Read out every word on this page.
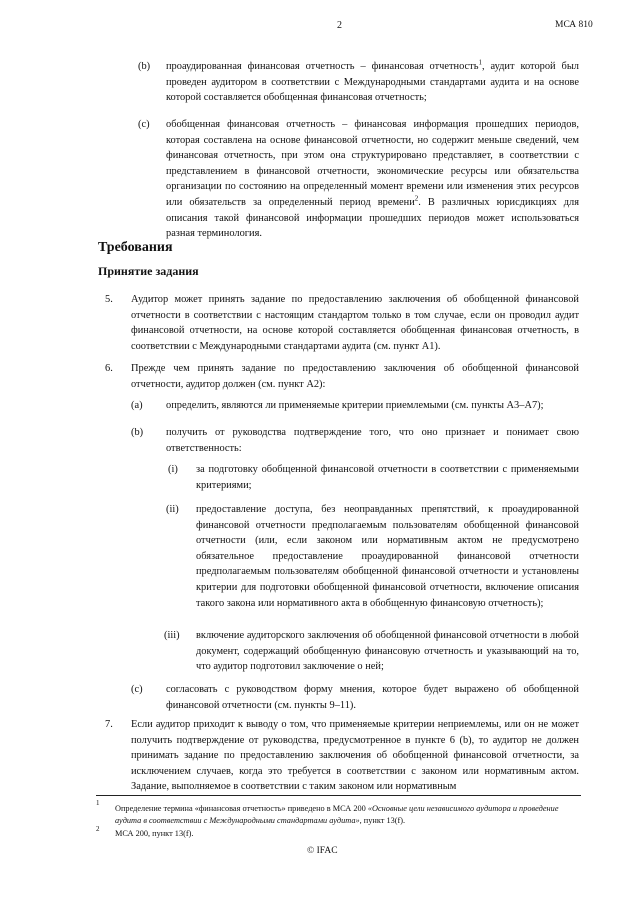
2	МСА 810
(b) проаудированная финансовая отчетность – финансовая отчетность$^1$, аудит которой был проведен аудитором в соответствии с Международными стандартами аудита и на основе которой составляется обобщенная финансовая отчетность;

(c) обобщенная финансовая отчетность – финансовая информация прошедших периодов, которая составлена на основе финансовой отчетности, но содержит меньше сведений, чем финансовая отчетность, при этом она структурировано представляет, в соответствии с представлением в финансовой отчетности, экономические ресурсы или обязательства организации по состоянию на определенный момент времени или изменения этих ресурсов или обязательств за определенный период времени$^2$. В различных юрисдикциях для описания такой финансовой информации прошедших периодов может использоваться разная терминология.

Требования
Принятие задания
5. Аудитор может принять задание по предоставлению заключения об обобщенной финансовой отчетности в соответствии с настоящим стандартом только в том случае, если он проводил аудит финансовой отчетности, на основе которой составляется обобщенная финансовая отчетность, в соответствии с Международными стандартами аудита (см. пункт А1).

6. Прежде чем принять задание по предоставлению заключения об обобщенной финансовой отчетности, аудитор должен (см. пункт А2):

(a) определить, являются ли применяемые критерии приемлемыми (см. пункты А3–А7);

(b) получить от руководства подтверждение того, что оно признает и понимает свою ответственность:

(i) за подготовку обобщенной финансовой отчетности в соответствии с применяемыми критериями;

(ii) предоставление доступа, без неоправданных препятствий, к проаудированной финансовой отчетности предполагаемым пользователям обобщенной финансовой отчетности (или, если законом или нормативным актом не предусмотрено обязательное предоставление проаудированной финансовой отчетности предполагаемым пользователям обобщенной финансовой отчетности и установлены критерии для подготовки обобщенной финансовой отчетности, включение описания такого закона или нормативного акта в обобщенную финансовую отчетность);

(iii) включение аудиторского заключения об обобщенной финансовой отчетности в любой документ, содержащий обобщенную финансовую отчетность и указывающий на то, что аудитор подготовил заключение о ней;

(c) согласовать с руководством форму мнения, которое будет выражено об обобщенной финансовой отчетности (см. пункты 9–11).

7. Если аудитор приходит к выводу о том, что применяемые критерии неприемлемы, или он не может получить подтверждение от руководства, предусмотренное в пункте 6 (b), то аудитор не должен принимать задание по предоставлению заключения об обобщенной финансовой отчетности, за исключением случаев, когда это требуется в соответствии с законом или нормативным актом. Задание, выполняемое в соответствии с таким законом или нормативным

1

Определение термина «финансовая отчетность» приведено в МСА 200 «Основные цели независимого аудитора и проведение аудита в соответствии с Международными стандартами аудита», пункт 13(f).

2 МСА 200, пункт 13(f).

© IFAC
